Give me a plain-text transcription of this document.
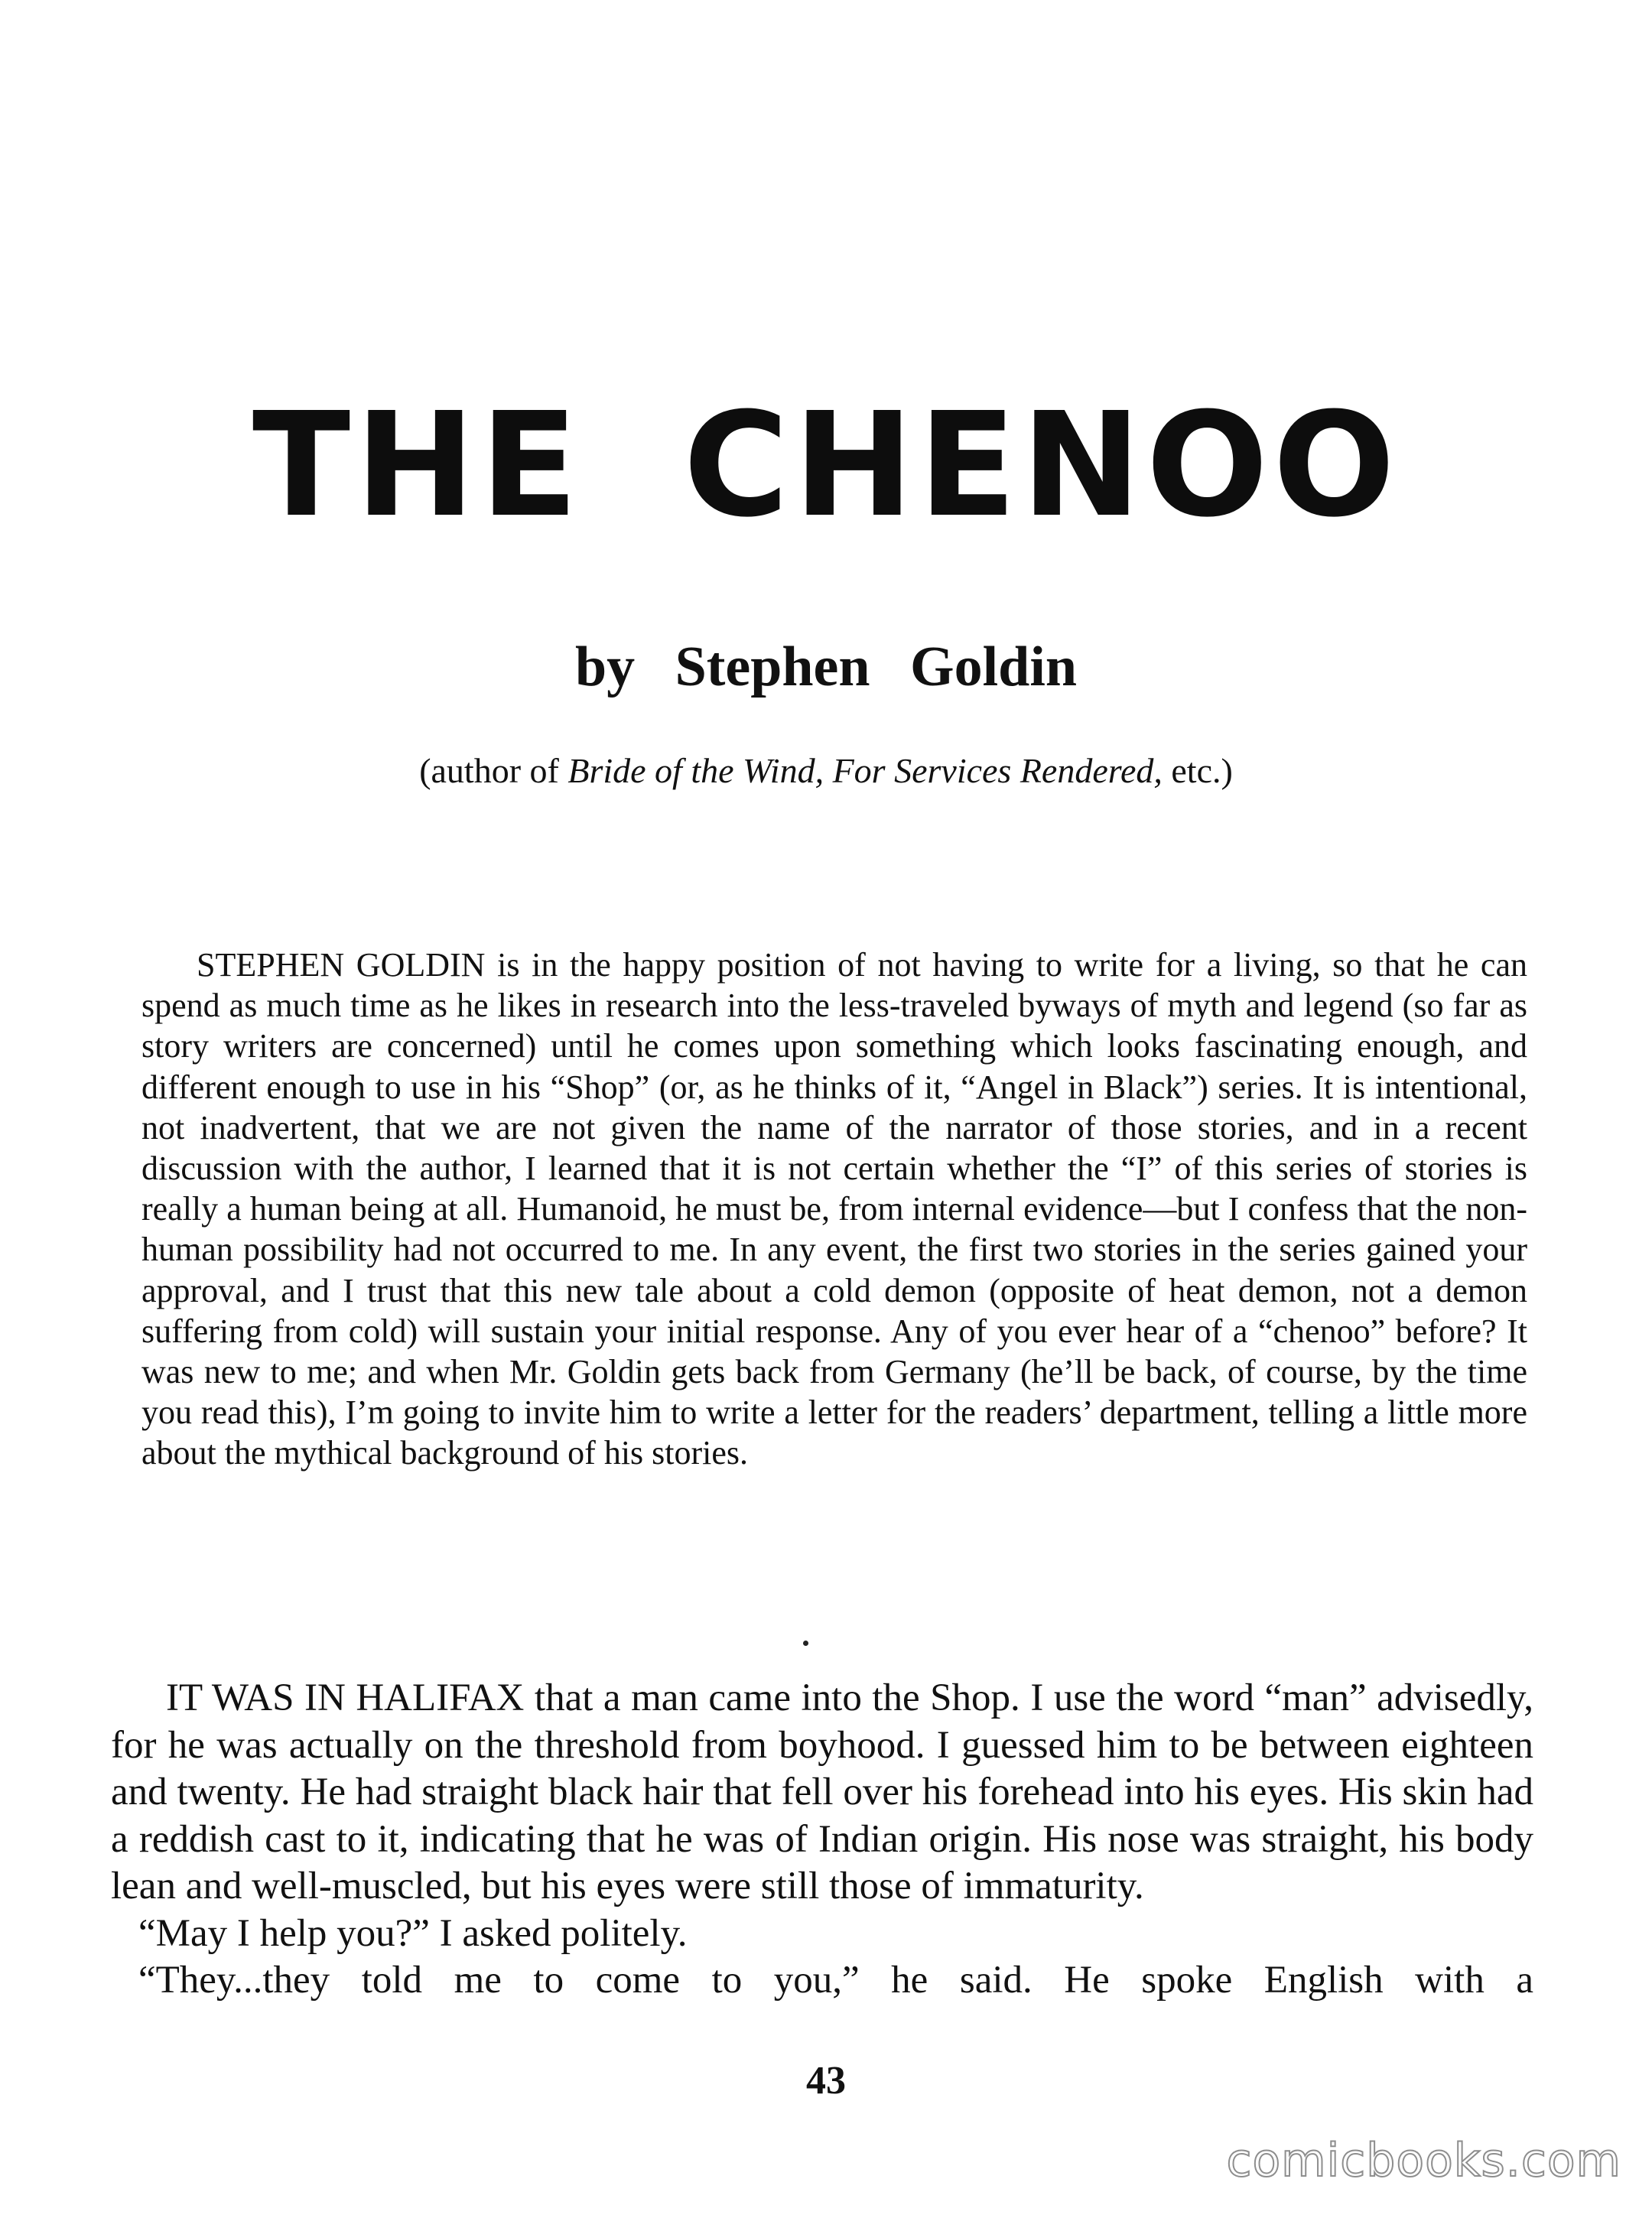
THE CHENOO
by Stephen Goldin
(author of Bride of the Wind, For Services Rendered, etc.)

STEPHEN GOLDIN is in the happy position of not having to write for a living, so that he can spend as much time as he likes in research into the less-traveled byways of myth and legend (so far as story writers are concerned) until he comes upon something which looks fascinating enough, and different enough to use in his “Shop” (or, as he thinks of it, “Angel in Black”) series. It is intentional, not inadvertent, that we are not given the name of the narrator of those stories, and in a recent discussion with the author, I learned that it is not certain whether the “I” of this series of stories is really a human being at all. Humanoid, he must be, from internal evidence—but I confess that the non-human possibility had not occurred to me. In any event, the first two stories in the series gained your approval, and I trust that this new tale about a cold demon (opposite of heat demon, not a demon suffering from cold) will sustain your initial response. Any of you ever hear of a “chenoo” before? It was new to me; and when Mr. Goldin gets back from Germany (he’ll be back, of course, by the time you read this), I’m going to invite him to write a letter for the readers’ department, telling a little more about the mythical background of his stories.

IT WAS IN HALIFAX that a man came into the Shop. I use the word “man” advisedly, for he was actually on the threshold from boyhood. I guessed him to be between eighteen and twenty. He had straight black hair that fell over his forehead into his eyes. His skin had a reddish cast to it, indicating that he was of Indian origin. His nose was straight, his body lean and well-muscled, but his eyes were still those of immaturity.

“May I help you?” I asked politely.

“They...they told me to come to you,” he said. He spoke English with a

43
comicbooks.com
